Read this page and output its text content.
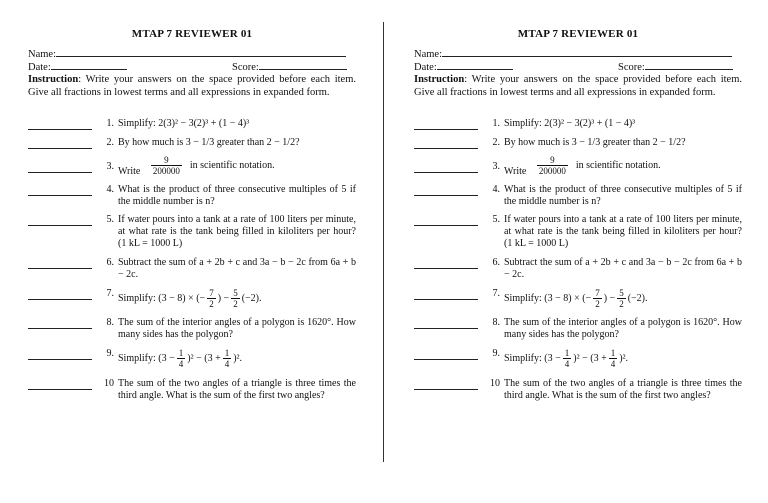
MTAP 7 REVIEWER 01
Name:
Date:	Score:
Instruction: Write your answers on the space provided before each item. Give all fractions in lowest terms and all expressions in expanded form.
1. Simplify: 2(3)² − 3(2)³ + (1 − 4)³
2. By how much is 3 − 1/3 greater than 2 − 1/2?
3. Write $\frac{9}{200000}$ in scientific notation.
4. What is the product of three consecutive multiples of 5 if the middle number is n?
5. If water pours into a tank at a rate of 100 liters per minute, at what rate is the tank being filled in kiloliters per hour? (1 kL = 1000 L)
6. Subtract the sum of a + 2b + c and 3a − b − 2c from 6a + b − 2c.
7. Simplify: (3 − 8) × (− $\frac{7}{2}$ ) − $\frac{5}{2} (-2)$.
8. The sum of the interior angles of a polygon is 1620°. How many sides has the polygon?
9. Simplify: $(3 - \frac{1}{4} )^2 - (3 + \frac{1}{4} )^2$.
10 The sum of the two angles of a triangle is three times the third angle. What is the sum of the first two angles?
MTAP 7 REVIEWER 01
Name:
Date:	Score:
Instruction: Write your answers on the space provided before each item. Give all fractions in lowest terms and all expressions in expanded form.
1. Simplify: 2(3)² − 3(2)³ + (1 − 4)³
2. By how much is 3 − 1/3 greater than 2 − 1/2?
3. Write $\frac{9}{200000}$ in scientific notation.
4. What is the product of three consecutive multiples of 5 if the middle number is n?
5. If water pours into a tank at a rate of 100 liters per minute, at what rate is the tank being filled in kiloliters per hour? (1 kL = 1000 L)
6. Subtract the sum of a + 2b + c and 3a − b − 2c from 6a + b − 2c.
7. Simplify: (3 − 8) × (− $\frac{7}{2}$ ) − $\frac{5}{2} (-2)$.
8. The sum of the interior angles of a polygon is 1620°. How many sides has the polygon?
9. Simplify: $(3 - \frac{1}{4} )^2 - (3 + \frac{1}{4} )^2$.
10 The sum of the two angles of a triangle is three times the third angle. What is the sum of the first two angles?
